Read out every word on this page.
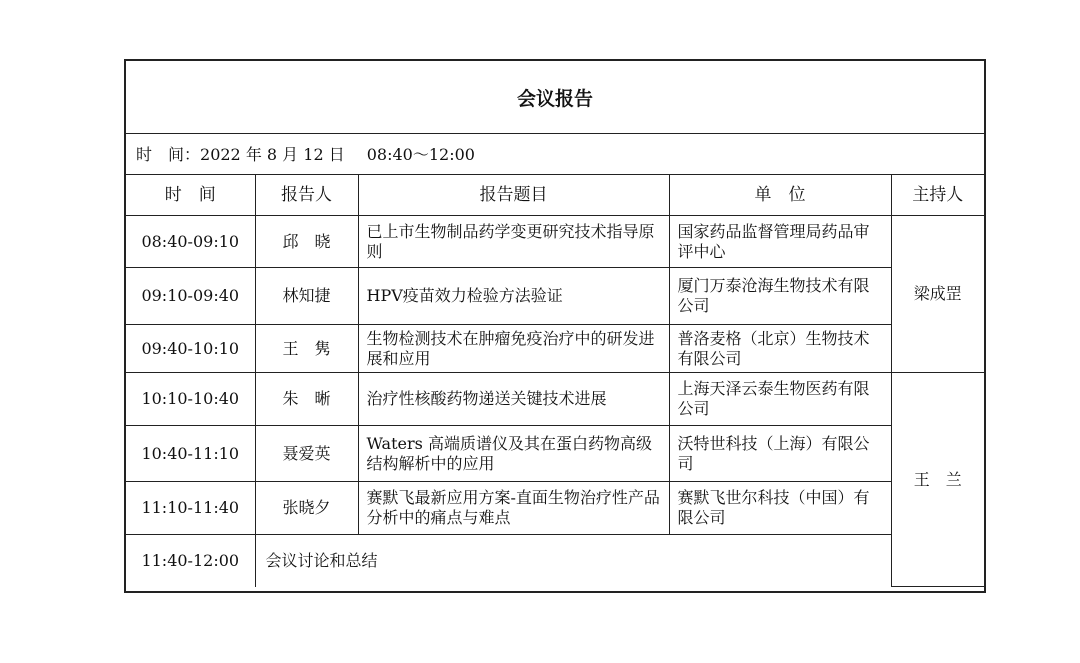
会议报告
时　间： 2022 年 8 月 12 日 08:40～12:00
时　间	报告人	报告题目	单　位	主持人
08:40-09:10	邱　晓	已上市生物制品药学变更研究技术指导原则	国家药品监督管理局药品审评中心	梁成罡
09:10-09:40	林知捷	HPV疫苗效力检验方法验证	厦门万泰沧海生物技术有限公司	
09:40-10:10	王　隽	生物检测技术在肿瘤免疫治疗中的研发进展和应用	普洛麦格（北京）生物技术有限公司	
10:10-10:40	朱　晰	治疗性核酸药物递送关键技术进展	上海天泽云泰生物医药有限公司	王　兰
10:40-11:10	聂爱英	Waters 高端质谱仪及其在蛋白药物高级结构解析中的应用	沃特世科技（上海）有限公司	
11:10-11:40	张晓夕	赛默飞最新应用方案-直面生物治疗性产品分析中的痛点与难点	赛默飞世尔科技（中国）有限公司	
11:40-12:00	会议讨论和总结			
